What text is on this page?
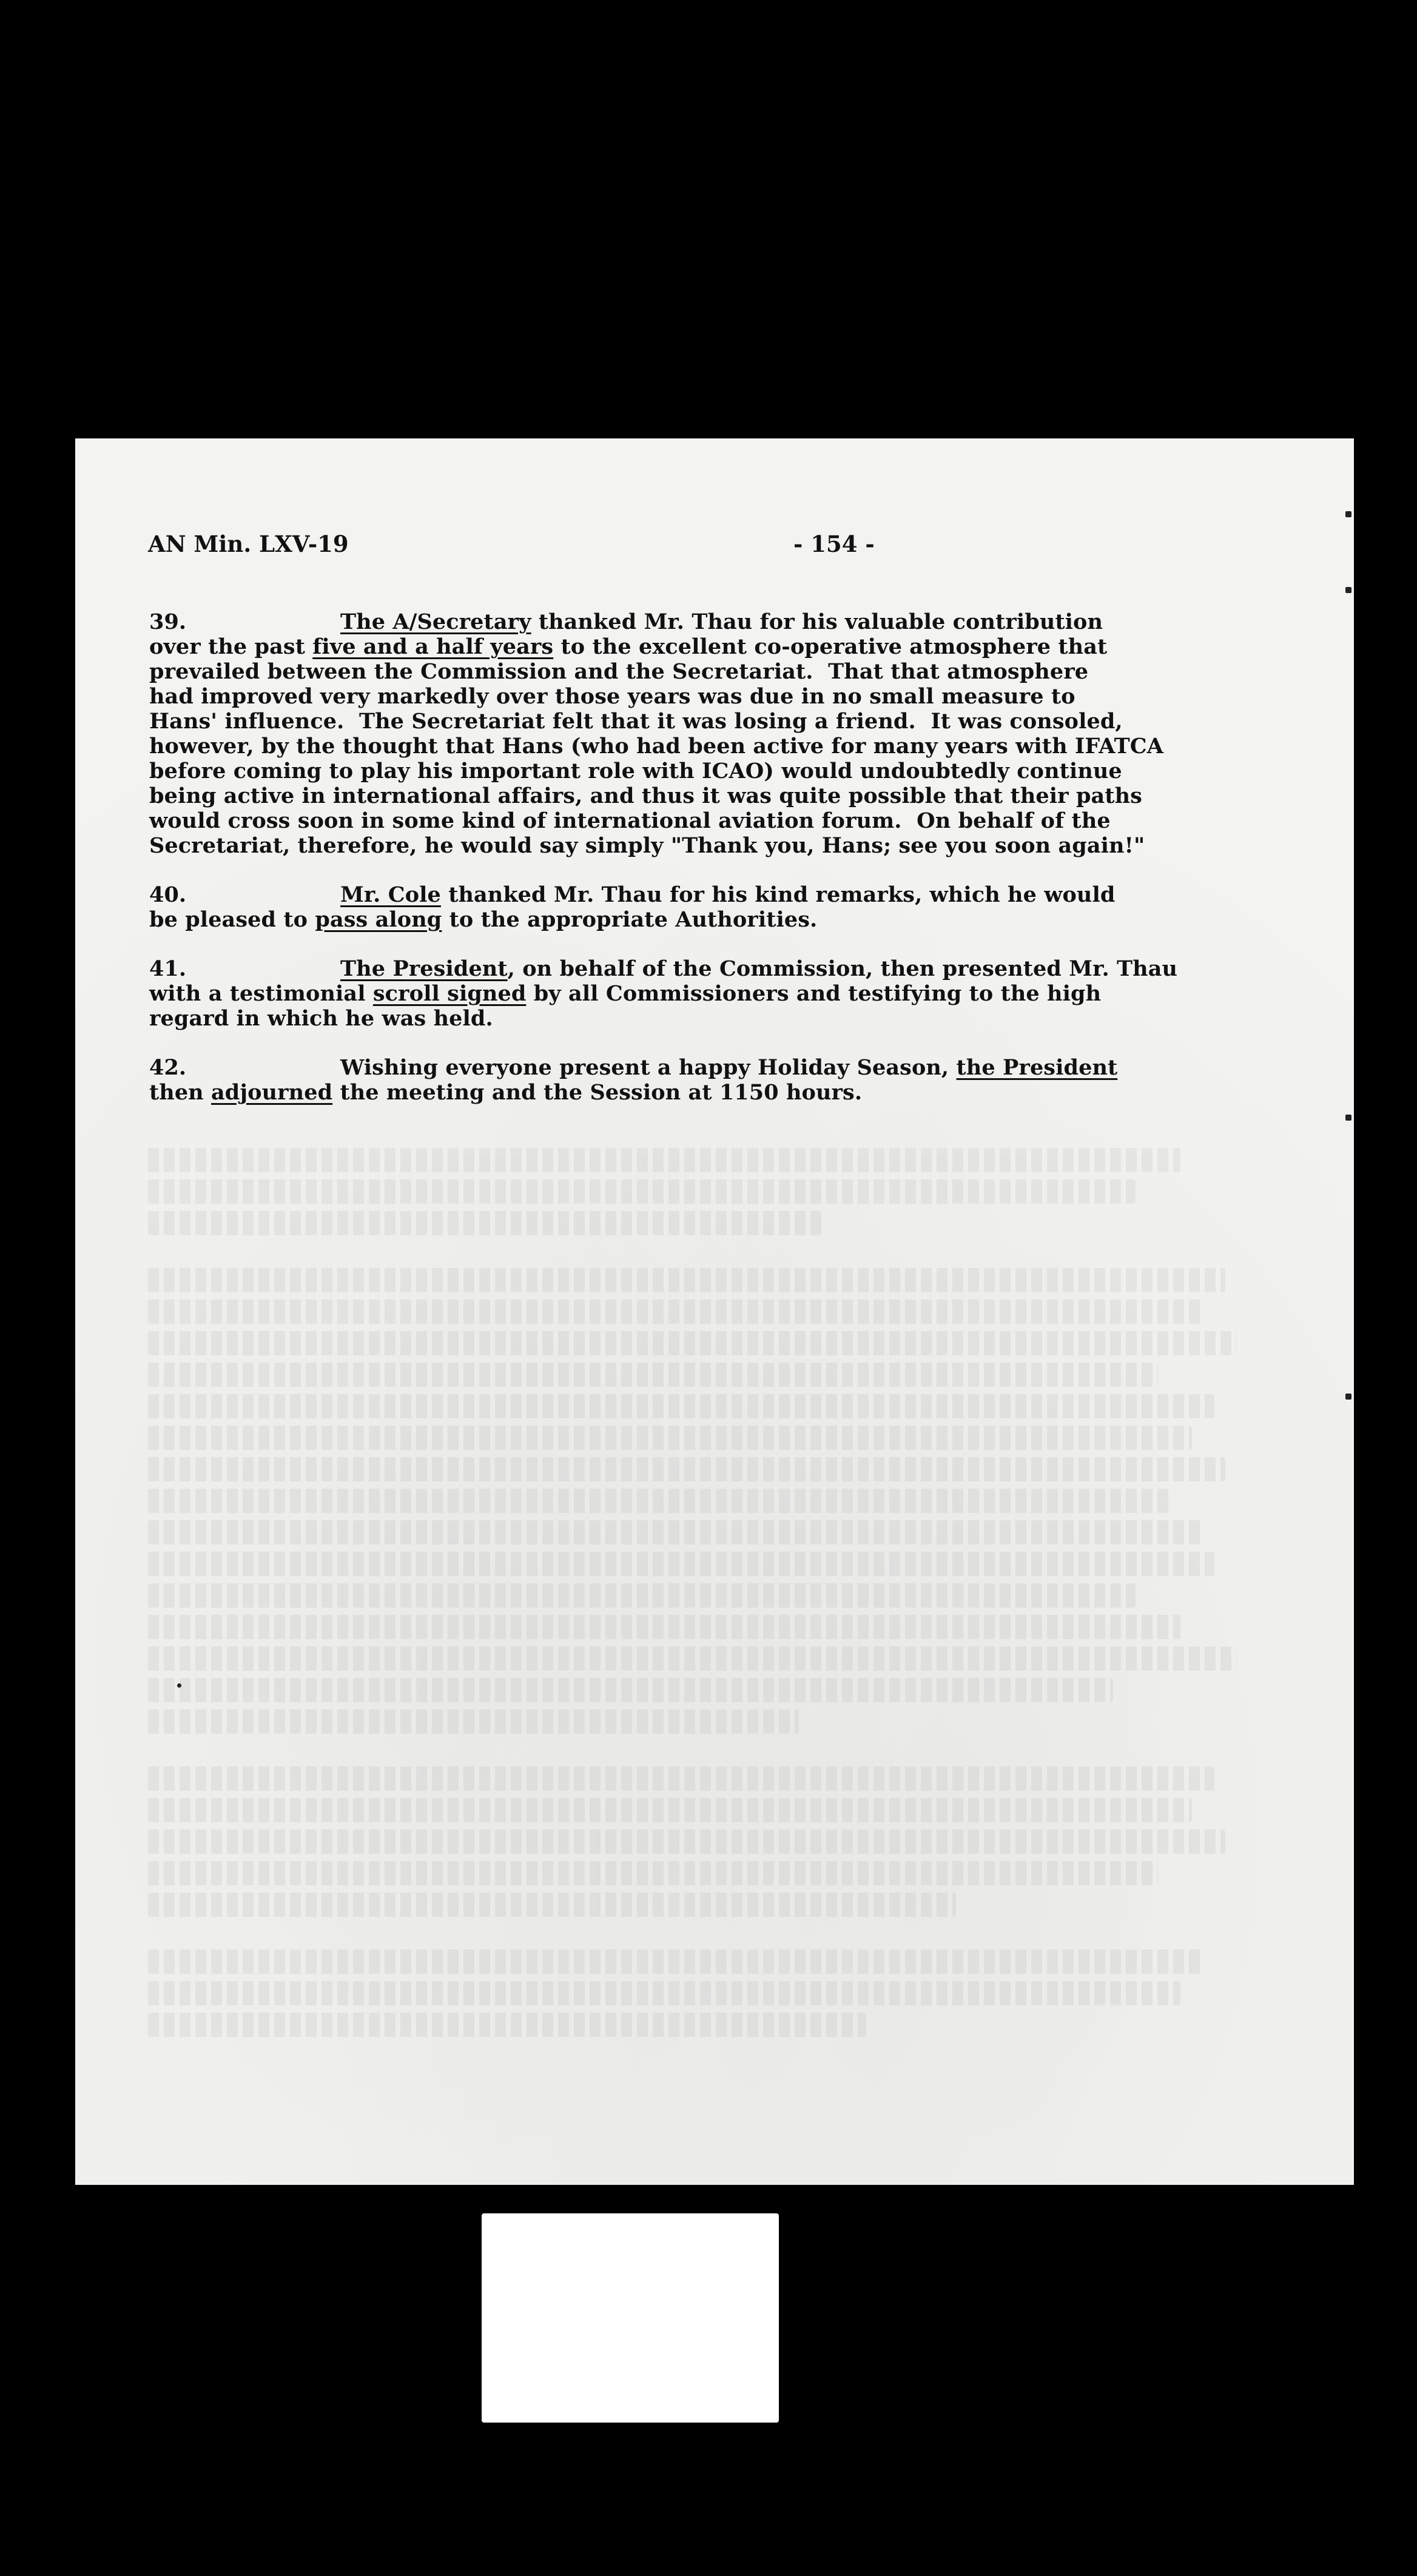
AN Min. LXV-19	- 154 -
39.	The A/Secretary thanked Mr. Thau for his valuable contribution
over the past five and a half years to the excellent co-operative atmosphere that
prevailed between the Commission and the Secretariat.  That that atmosphere
had improved very markedly over those years was due in no small measure to
Hans' influence.  The Secretariat felt that it was losing a friend.  It was consoled,
however, by the thought that Hans (who had been active for many years with IFATCA
before coming to play his important role with ICAO) would undoubtedly continue
being active in international affairs, and thus it was quite possible that their paths
would cross soon in some kind of international aviation forum.  On behalf of the
Secretariat, therefore, he would say simply "Thank you, Hans; see you soon again!"
40.	Mr. Cole thanked Mr. Thau for his kind remarks, which he would
be pleased to pass along to the appropriate Authorities.
41.	The President, on behalf of the Commission, then presented Mr. Thau
with a testimonial scroll signed by all Commissioners and testifying to the high
regard in which he was held.
42.	Wishing everyone present a happy Holiday Season, the President
then adjourned the meeting and the Session at 1150 hours.
